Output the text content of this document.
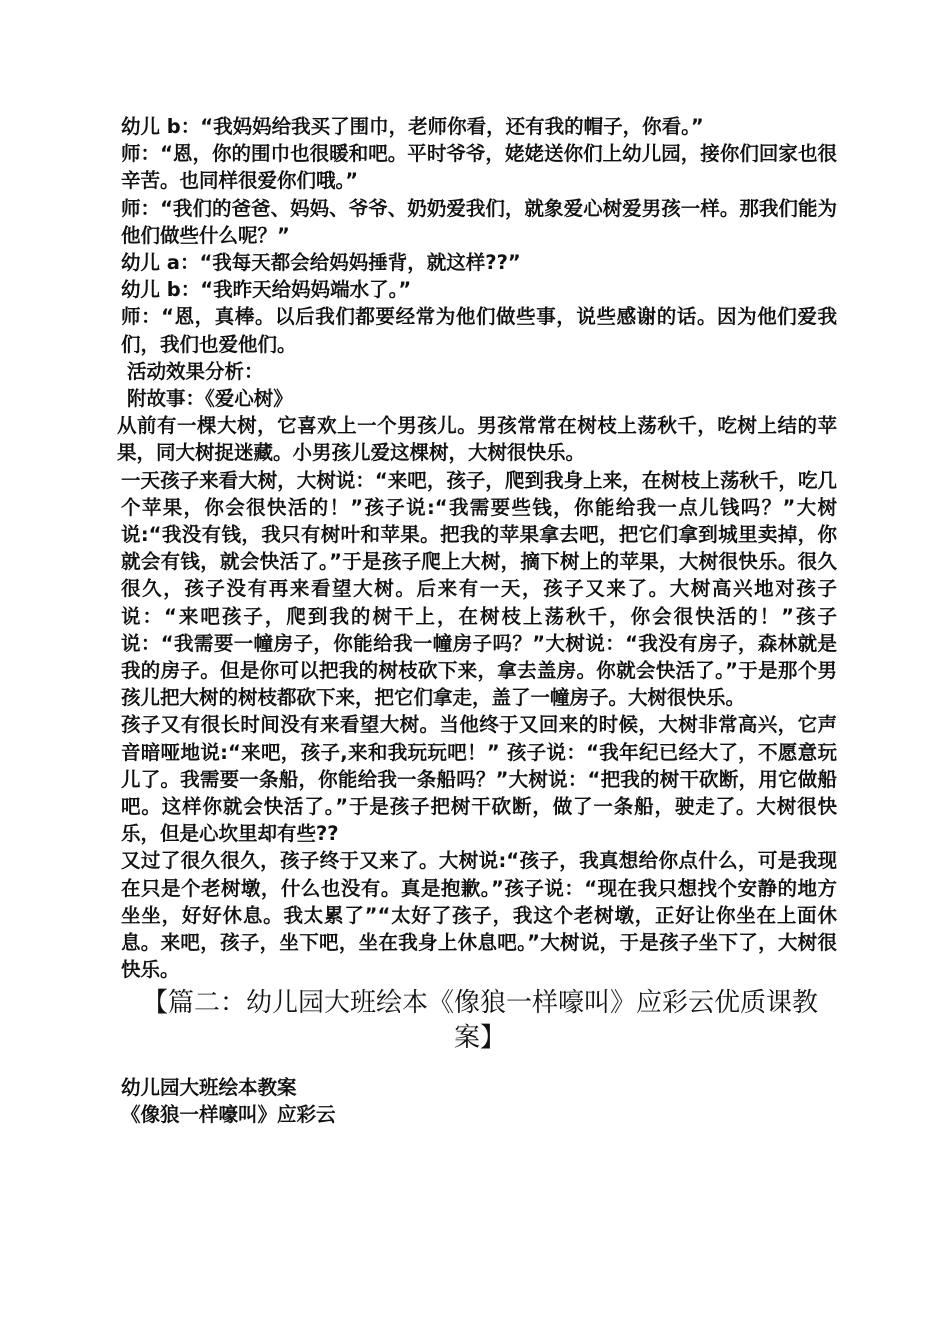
幼儿 b：“我妈妈给我买了围巾，老师你看，还有我的帽子，你看。”

师：“恩，你的围巾也很暖和吧。平时爷爷，姥姥送你们上幼儿园，接你们回家也很辛苦。也同样很爱你们哦。”

师：“我们的爸爸、妈妈、爷爷、奶奶爱我们，就象爱心树爱男孩一样。那我们能为他们做些什么呢？”

幼儿 a：“我每天都会给妈妈捶背，就这样??”

幼儿 b：“我昨天给妈妈端水了。”

师：“恩，真棒。以后我们都要经常为他们做些事，说些感谢的话。因为他们爱我们，我们也爱他们。

活动效果分析：

附故事：《爱心树》

从前有一棵大树，它喜欢上一个男孩儿。男孩常常在树枝上荡秋千，吃树上结的苹果，同大树捉迷藏。小男孩儿爱这棵树，大树很快乐。

一天孩子来看大树，大树说：“来吧，孩子，爬到我身上来，在树枝上荡秋千，吃几个苹果，你会很快活的！”孩子说:“我需要些钱，你能给我一点儿钱吗？”大树说:“我没有钱，我只有树叶和苹果。把我的苹果拿去吧，把它们拿到城里卖掉，你就会有钱，就会快活了。”于是孩子爬上大树，摘下树上的苹果，大树很快乐。很久很久，孩子没有再来看望大树。后来有一天，孩子又来了。大树高兴地对孩子说：“来吧孩子，爬到我的树干上，在树枝上荡秋千，你会很快活的！”孩子说：“我需要一幢房子，你能给我一幢房子吗？”大树说：“我没有房子，森林就是我的房子。但是你可以把我的树枝砍下来，拿去盖房。你就会快活了。”于是那个男孩儿把大树的树枝都砍下来，把它们拿走，盖了一幢房子。大树很快乐。

孩子又有很长时间没有来看望大树。当他终于又回来的时候，大树非常高兴，它声音暗哑地说:“来吧，孩子,来和我玩玩吧！” 孩子说：“我年纪已经大了，不愿意玩儿了。我需要一条船，你能给我一条船吗？”大树说：“把我的树干砍断，用它做船吧。这样你就会快活了。”于是孩子把树干砍断，做了一条船，驶走了。大树很快乐，但是心坎里却有些??

又过了很久很久，孩子终于又来了。大树说:“孩子，我真想给你点什么，可是我现在只是个老树墩，什么也没有。真是抱歉。”孩子说：“现在我只想找个安静的地方坐坐，好好休息。我太累了”“太好了孩子，我这个老树墩，正好让你坐在上面休息。来吧，孩子，坐下吧，坐在我身上休息吧。”大树说，于是孩子坐下了，大树很快乐。

【篇二：幼儿园大班绘本《像狼一样嚎叫》应彩云优质课教案】

幼儿园大班绘本教案

《像狼一样嚎叫》应彩云
